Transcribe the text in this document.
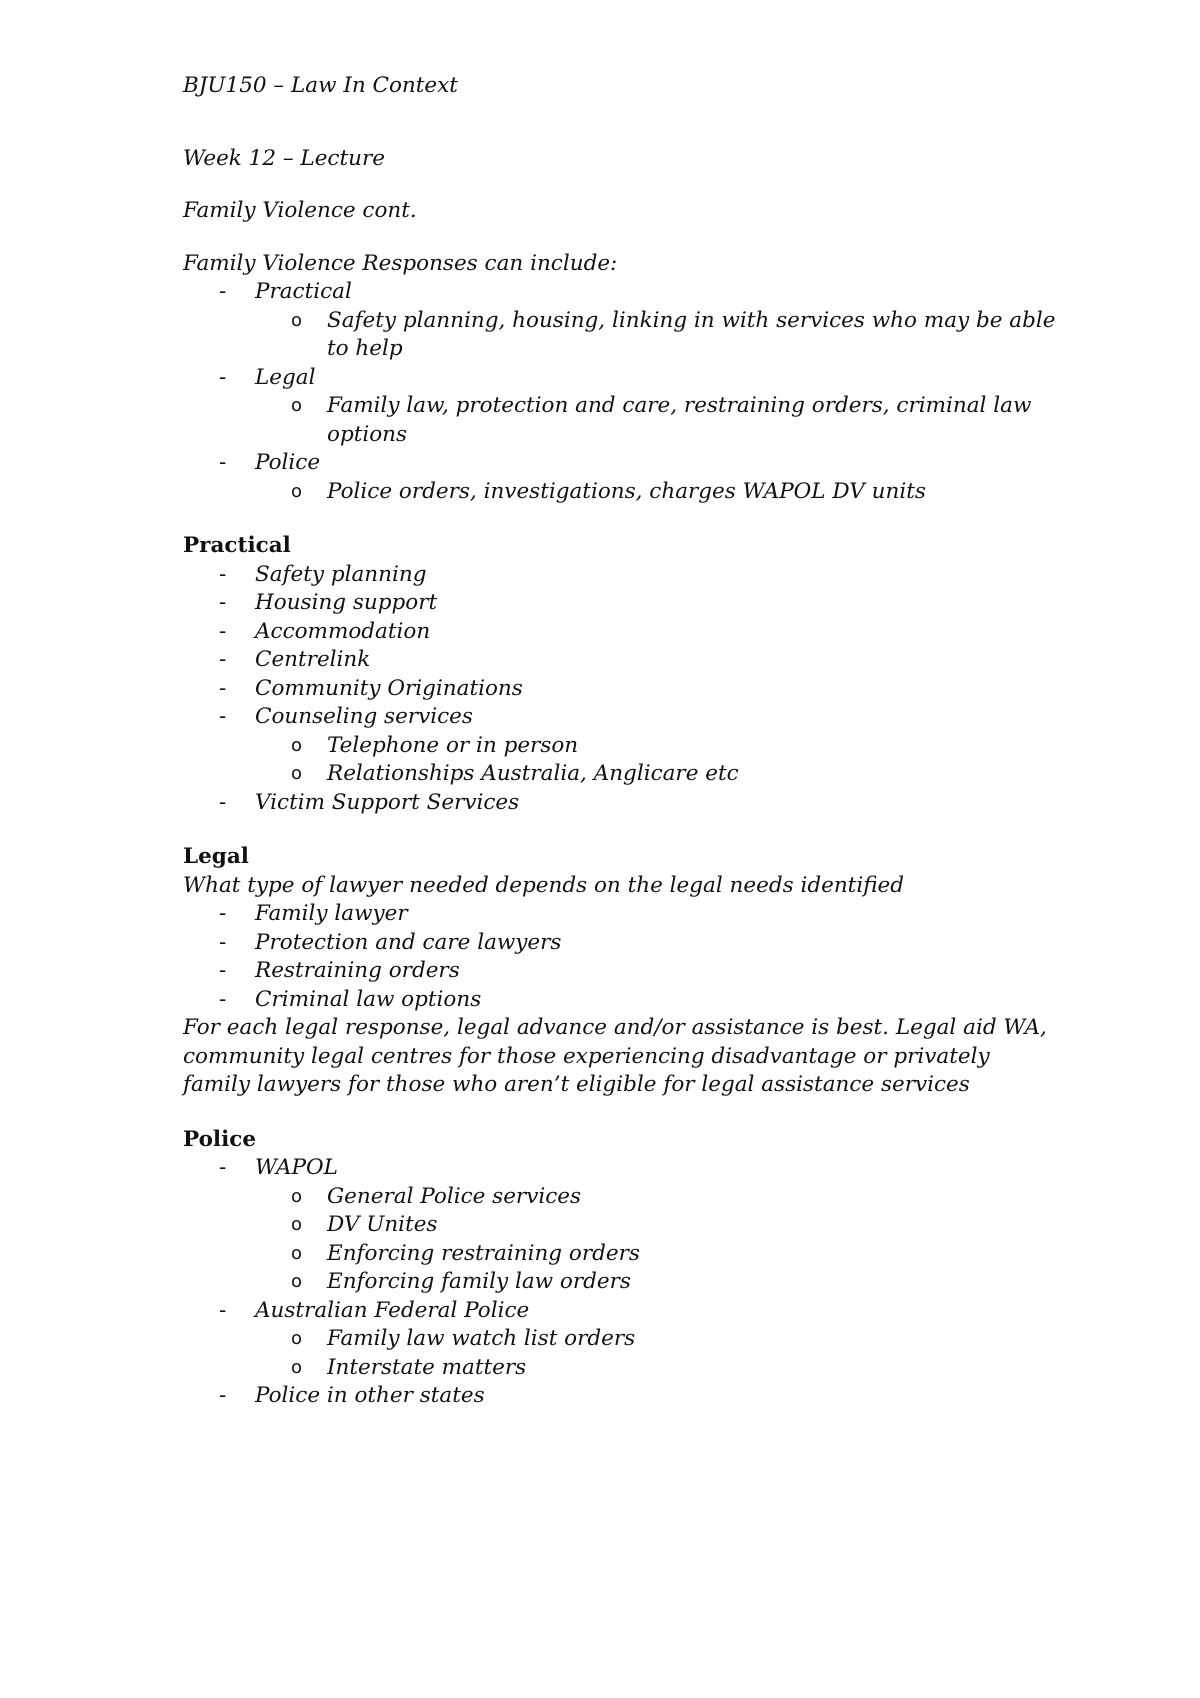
BJU150 – Law In Context

Week 12 – Lecture

Family Violence cont.

Family Violence Responses can include:

- Practical
o Safety planning, housing, linking in with services who may be able to help
- Legal
o Family law, protection and care, restraining orders, criminal law options
- Police
o Police orders, investigations, charges WAPOL DV units

Practical

- Safety planning
- Housing support
- Accommodation
- Centrelink
- Community Originations
- Counseling services
o Telephone or in person
o Relationships Australia, Anglicare etc
- Victim Support Services

Legal

What type of lawyer needed depends on the legal needs identified

- Family lawyer
- Protection and care lawyers
- Restraining orders
- Criminal law options

For each legal response, legal advance and/or assistance is best. Legal aid WA, community legal centres for those experiencing disadvantage or privately family lawyers for those who aren’t eligible for legal assistance services

Police

- WAPOL
o General Police services
o DV Unites
o Enforcing restraining orders
o Enforcing family law orders
- Australian Federal Police
o Family law watch list orders
o Interstate matters
- Police in other states
